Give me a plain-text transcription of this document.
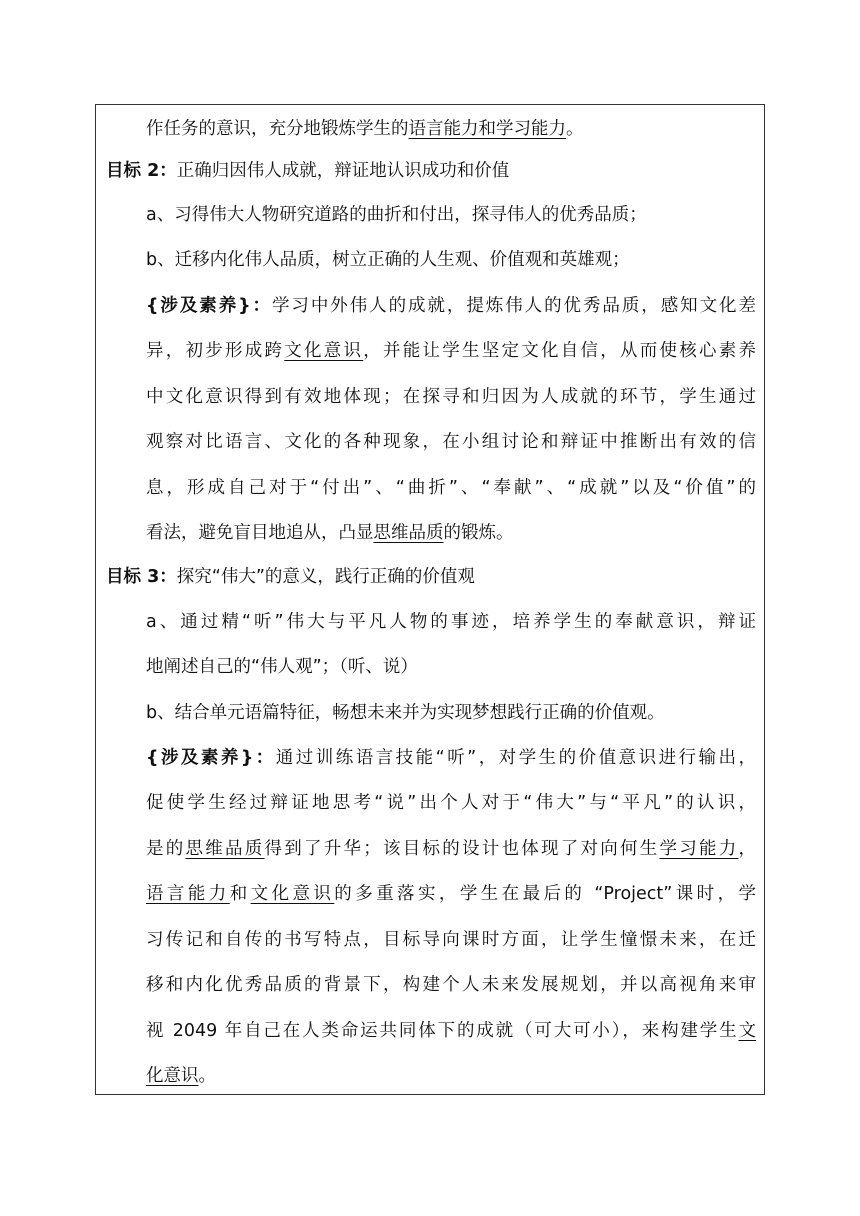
作任务的意识，充分地锻炼学生的语言能力和学习能力。
目标 2：正确归因伟人成就，辩证地认识成功和价值
a、习得伟大人物研究道路的曲折和付出，探寻伟人的优秀品质；
b、迁移内化伟人品质，树立正确的人生观、价值观和英雄观；
{涉及素养}：学习中外伟人的成就，提炼伟人的优秀品质，感知文化差
异，初步形成跨文化意识，并能让学生坚定文化自信，从而使核心素养
中文化意识得到有效地体现；在探寻和归因为人成就的环节，学生通过
观察对比语言、文化的各种现象，在小组讨论和辩证中推断出有效的信
息，形成自己对于“付出”、“曲折”、“奉献”、“成就”以及“价值”的
看法，避免盲目地追从，凸显思维品质的锻炼。
目标 3：探究“伟大”的意义，践行正确的价值观
a、通过精“听”伟大与平凡人物的事迹，培养学生的奉献意识，辩证
地阐述自己的“伟人观”；（听、说）
b、结合单元语篇特征，畅想未来并为实现梦想践行正确的价值观。
{涉及素养}：通过训练语言技能“听”，对学生的价值意识进行输出，
促使学生经过辩证地思考“说”出个人对于“伟大”与“平凡”的认识，
是的思维品质得到了升华；该目标的设计也体现了对向何生学习能力，
语言能力和文化意识的多重落实，学生在最后的 “Project”课时，学
习传记和自传的书写特点，目标导向课时方面，让学生憧憬未来，在迁
移和内化优秀品质的背景下，构建个人未来发展规划，并以高视角来审
视 2049 年自己在人类命运共同体下的成就（可大可小），来构建学生文
化意识。
